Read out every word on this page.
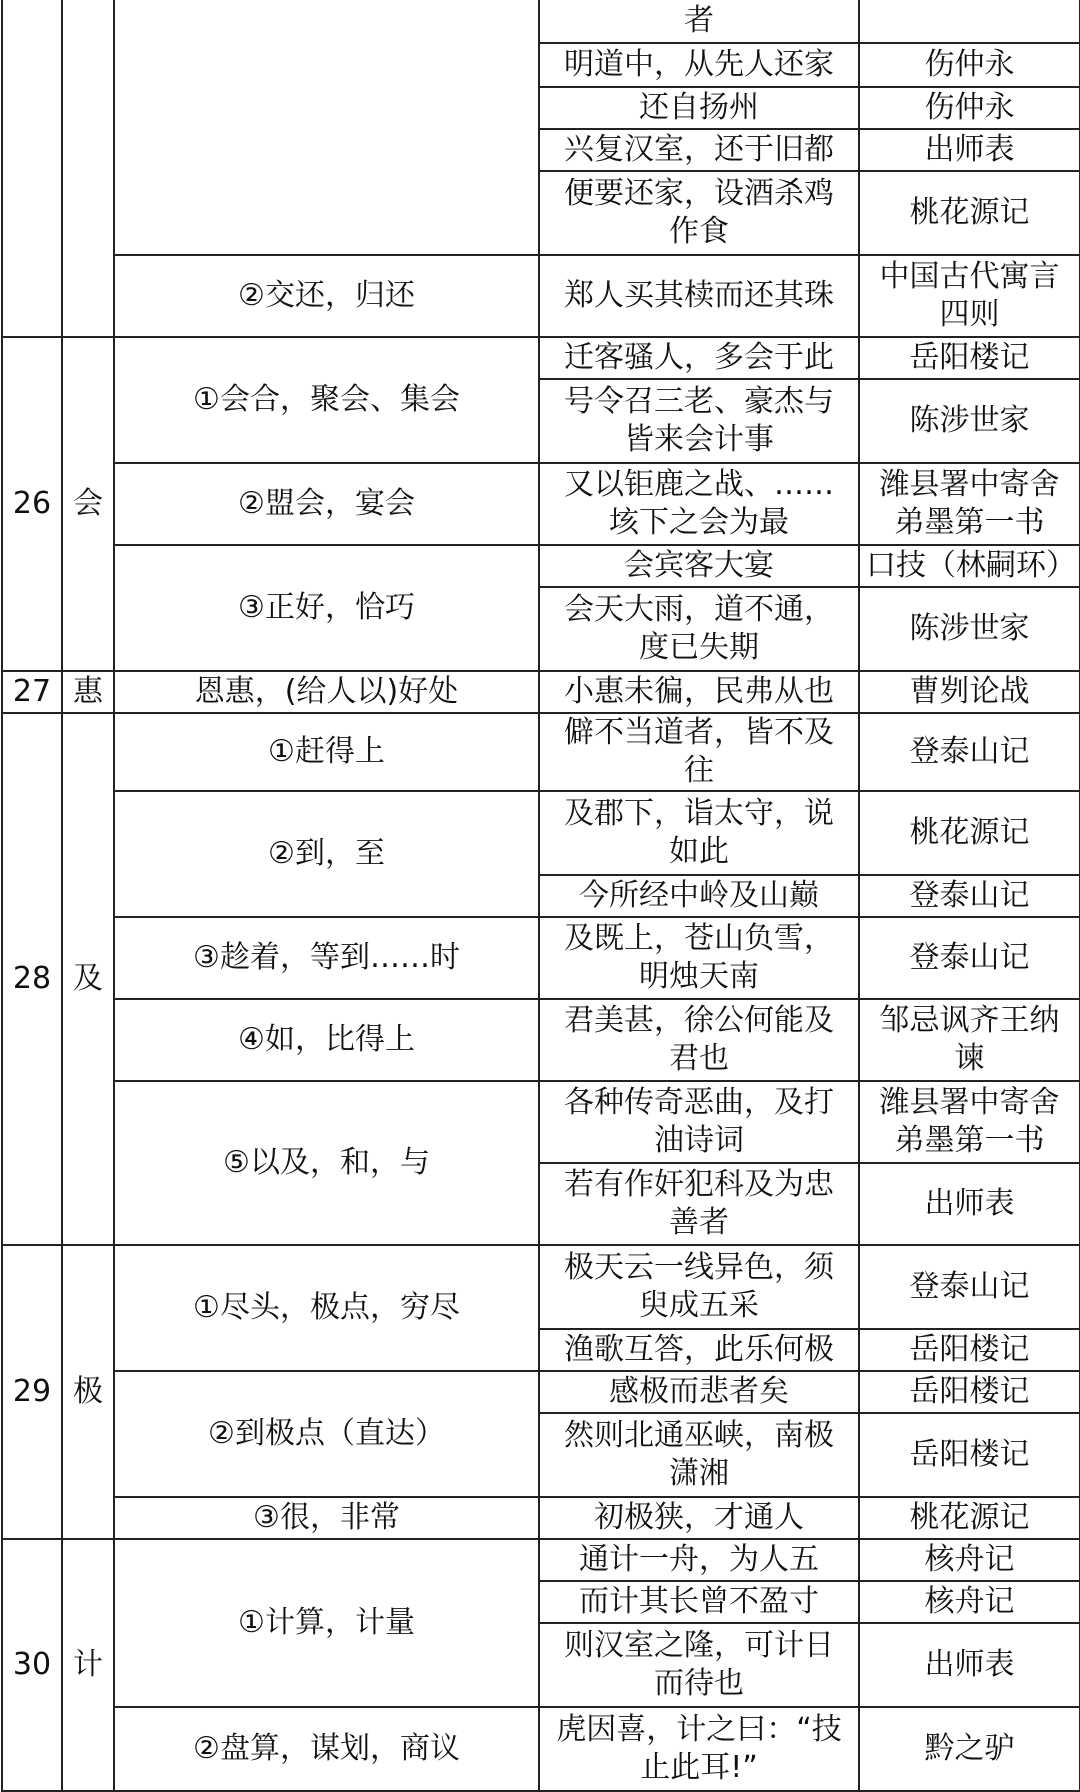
			者	
			明道中，从先人还家	伤仲永
			还自扬州	伤仲永
			兴复汉室，还于旧都	出师表
			便要还家，设酒杀鸡作食	桃花源记

		②交还，归还	郑人买其椟而还其珠	中国古代寓言四则
26	会	①会合，聚会、集会	迁客骚人，多会于此	岳阳楼记
			号令召三老、豪杰与皆来会计事	陈涉世家
		②盟会，宴会	又以钜鹿之战、……垓下之会为最	潍县署中寄舍弟墨第一书
		③正好，恰巧	会宾客大宴	口技（林嗣环）
			会天大雨，道不通，度已失期	陈涉世家
27	惠	恩惠，(给人以)好处	小惠未徧，民弗从也	曹刿论战
28	及	①赶得上	僻不当道者，皆不及往	登泰山记
		②到，至	及郡下，诣太守，说如此	桃花源记
			今所经中岭及山巅	登泰山记
		③趁着，等到……时	及既上，苍山负雪，明烛天南	登泰山记
		④如，比得上	君美甚，徐公何能及君也	邹忌讽齐王纳谏
		⑤以及，和，与	各种传奇恶曲，及打油诗词	潍县署中寄舍弟墨第一书
			若有作奸犯科及为忠善者	出师表

29	极	①尽头，极点，穷尽	极天云一线异色，须臾成五采	登泰山记
			渔歌互答，此乐何极	岳阳楼记
		②到极点（直达）	感极而悲者矣	岳阳楼记
			然则北通巫峡，南极潇湘	岳阳楼记
		③很，非常	初极狭，才通人	桃花源记
30	计	①计算，计量	通计一舟，为人五	核舟记
			而计其长曾不盈寸	核舟记
			则汉室之隆，可计日而待也	出师表
		②盘算，谋划，商议	虎因喜，计之曰：“技止此耳!”	黔之驴
